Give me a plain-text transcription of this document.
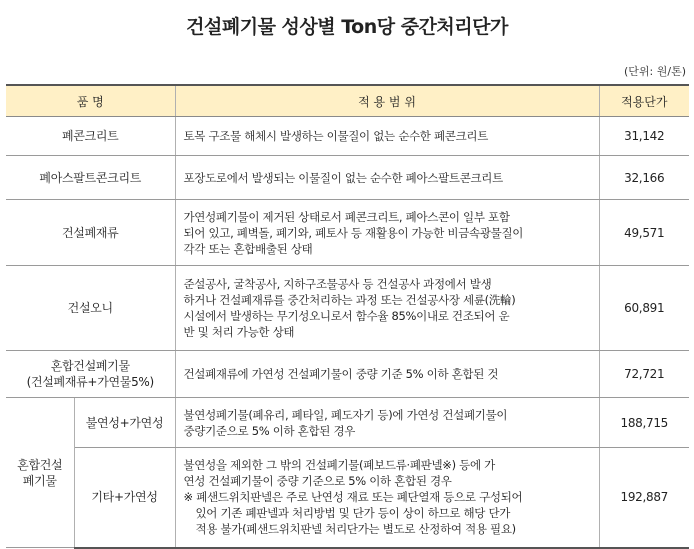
건설폐기물 성상별 Ton당 중간처리단가
(단위: 원/톤)
품 명		적 용 범 위	적용단가
폐콘크리트		토목 구조물 해체시 발생하는 이물질이 없는 순수한 폐콘크리트	31,142
폐아스팔트콘크리트		포장도로에서 발생되는 이물질이 없는 순수한 폐아스팔트콘크리트	32,166
건설폐재류		가연성폐기물이 제거된 상태로서 폐콘크리트, 폐아스콘이 일부 포함
되어 있고, 폐벽돌, 폐기와, 폐토사 등 재활용이 가능한 비금속광물질이
각각 또는 혼합배출된 상태	49,571
건설오니		준설공사, 굴착공사, 지하구조물공사 등 건설공사 과정에서 발생
하거나 건설폐재류를 중간처리하는 과정 또는 건설공사장 세륜(洗輪)
시설에서 발생하는 무기성오니로서 함수율 85%이내로 건조되어 운
반 및 처리 가능한 상태	60,891

혼합건설폐기물
(건설폐재류+가연물5%)		건설폐재류에 가연성 건설폐기물이 중량 기준 5% 이하 혼합된 것	72,721

혼합건설
폐기물	불연성+가연성	불연성폐기물(폐유리, 폐타일, 폐도자기 등)에 가연성 건설폐기물이
중량기준으로 5% 이하 혼합된 경우	188,715
	기타+가연성	불연성을 제외한 그 밖의 건설폐기물(폐보드류·폐판넬※) 등에 가
연성 건설폐기물이 중량 기준으로 5% 이하 혼합된 경우
※ 폐샌드위치판넬은 주로 난연성 재료 또는 폐단열재 등으로 구성되어
있어 기존 폐판넬과 처리방법 및 단가 등이 상이 하므로 해당 단가
적용 불가(폐샌드위치판넬 처리단가는 별도로 산정하여 적용 필요)	192,887
